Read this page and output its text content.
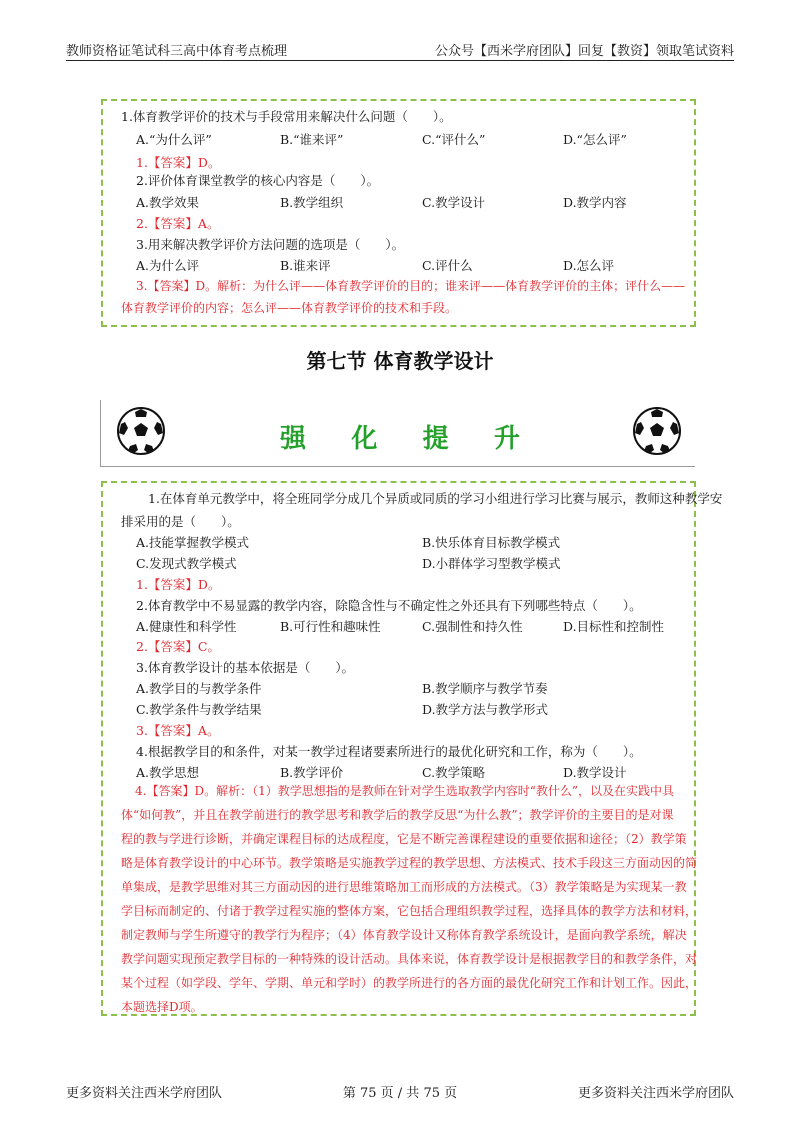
教师资格证笔试科三高中体育考点梳理	公众号【西米学府团队】回复【教资】领取笔试资料
1.体育教学评价的技术与手段常用来解决什么问题（　　）。
A.“为什么评”	B.“谁来评”	C.“评什么”	D.“怎么评”
1.【答案】D。
2.评价体育课堂教学的核心内容是（　　）。
A.教学效果	B.教学组织	C.教学设计	D.教学内容
2.【答案】A。
3.用来解决教学评价方法问题的选项是（　　）。
A.为什么评	B.谁来评	C.评什么	D.怎么评
3.【答案】D。解析：为什么评——体育教学评价的目的；谁来评——体育教学评价的主体；评什么——
体育教学评价的内容；怎么评——体育教学评价的技术和手段。
第七节 体育教学设计
强 化 提 升
1.在体育单元教学中，将全班同学分成几个异质或同质的学习小组进行学习比赛与展示，教师这种教学安
排采用的是（　　）。
A.技能掌握教学模式	B.快乐体育目标教学模式
C.发现式教学模式	D.小群体学习型教学模式
1.【答案】D。
2.体育教学中不易显露的教学内容，除隐含性与不确定性之外还具有下列哪些特点（　　）。
A.健康性和科学性	B.可行性和趣味性	C.强制性和持久性	D.目标性和控制性
2.【答案】C。
3.体育教学设计的基本依据是（　　）。
A.教学目的与教学条件	B.教学顺序与教学节奏
C.教学条件与教学结果	D.教学方法与教学形式
3.【答案】A。
4.根据教学目的和条件，对某一教学过程诸要素所进行的最优化研究和工作，称为（　　）。
A.教学思想	B.教学评价	C.教学策略	D.教学设计
4.【答案】D。解析：（1）教学思想指的是教师在针对学生选取教学内容时“教什么”，以及在实践中具
体“如何教”，并且在教学前进行的教学思考和教学后的教学反思“为什么教”；教学评价的主要目的是对课
程的教与学进行诊断，并确定课程目标的达成程度，它是不断完善课程建设的重要依据和途径；（2）教学策
略是体育教学设计的中心环节。教学策略是实施教学过程的教学思想、方法模式、技术手段这三方面动因的简
单集成，是教学思维对其三方面动因的进行思维策略加工而形成的方法模式。（3）教学策略是为实现某一教
学目标而制定的、付诸于教学过程实施的整体方案，它包括合理组织教学过程，选择具体的教学方法和材料，
制定教师与学生所遵守的教学行为程序；（4）体育教学设计又称体育教学系统设计，是面向教学系统，解决
教学问题实现预定教学目标的一种特殊的设计活动。具体来说，体育教学设计是根据教学目的和教学条件，对
某个过程（如学段、学年、学期、单元和学时）的教学所进行的各方面的最优化研究工作和计划工作。因此，
本题选择D项。
更多资料关注西米学府团队	第 75 页 / 共 75 页	更多资料关注西米学府团队
